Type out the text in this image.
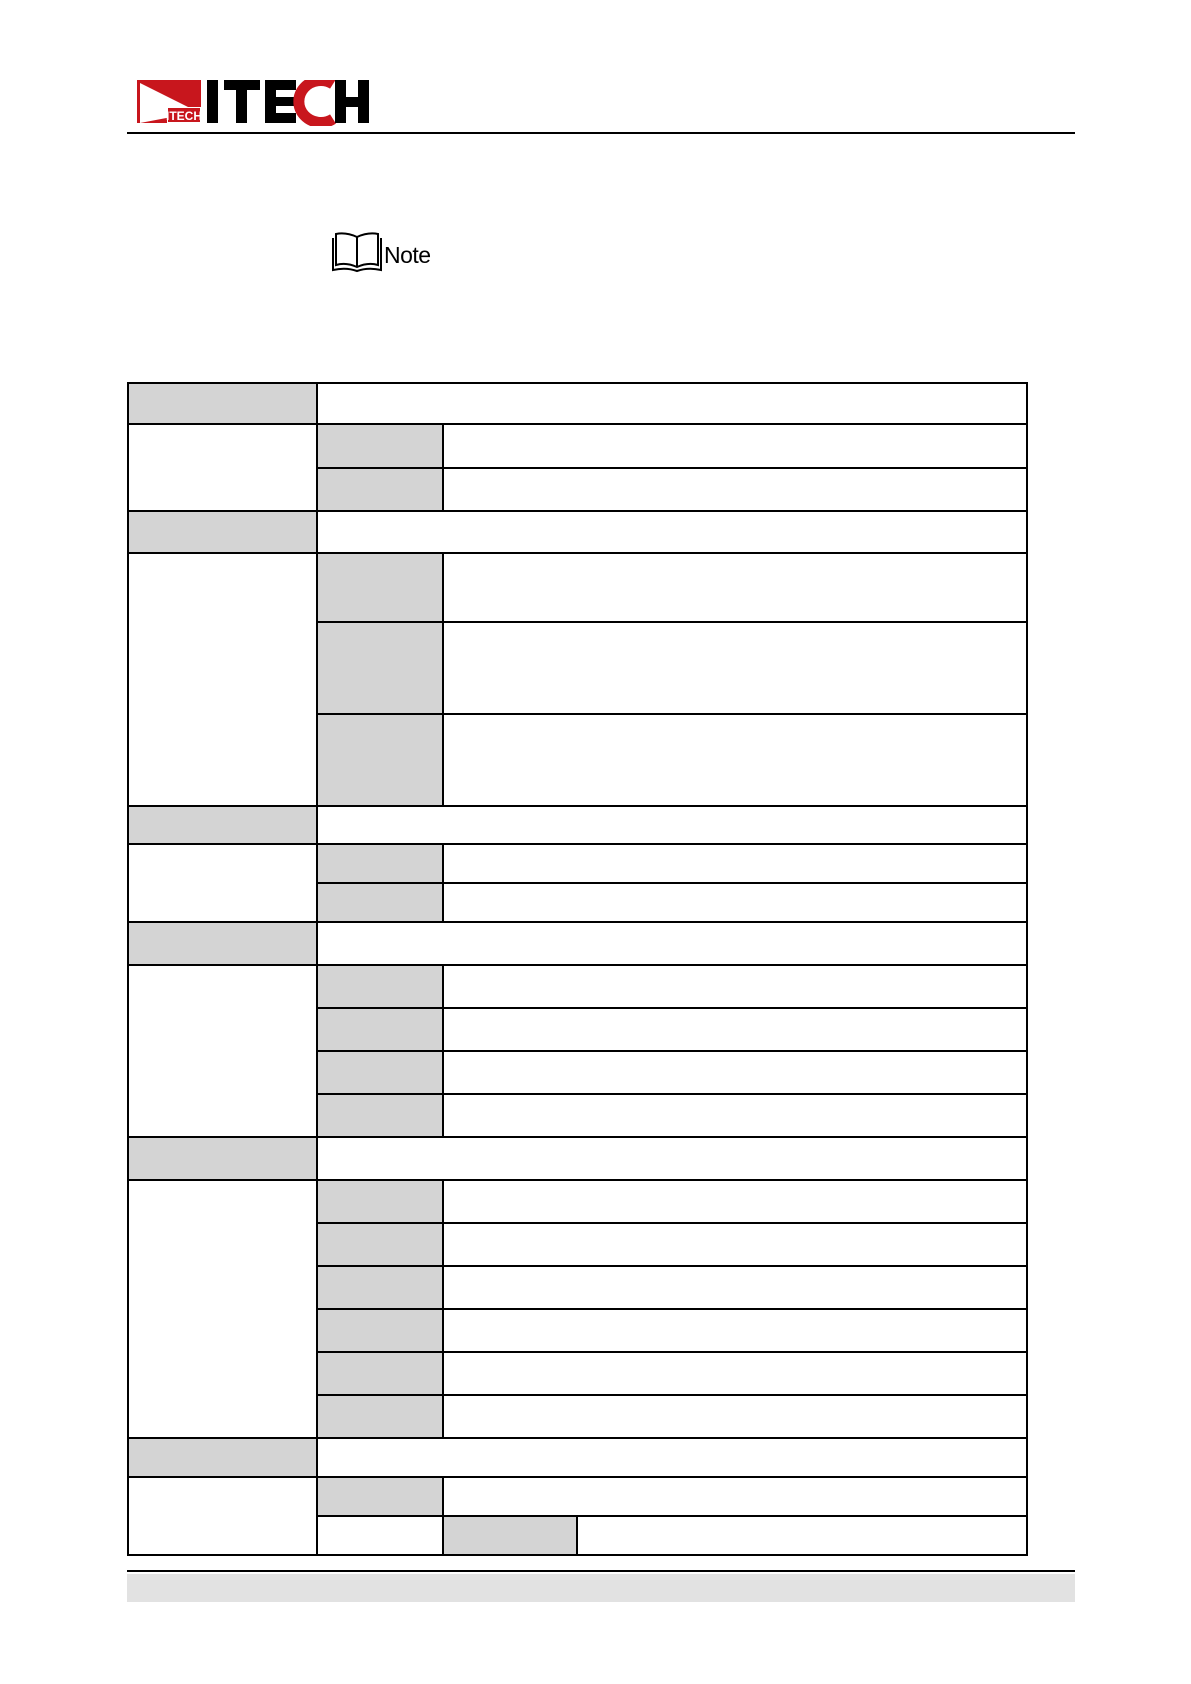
ITECH
Note
